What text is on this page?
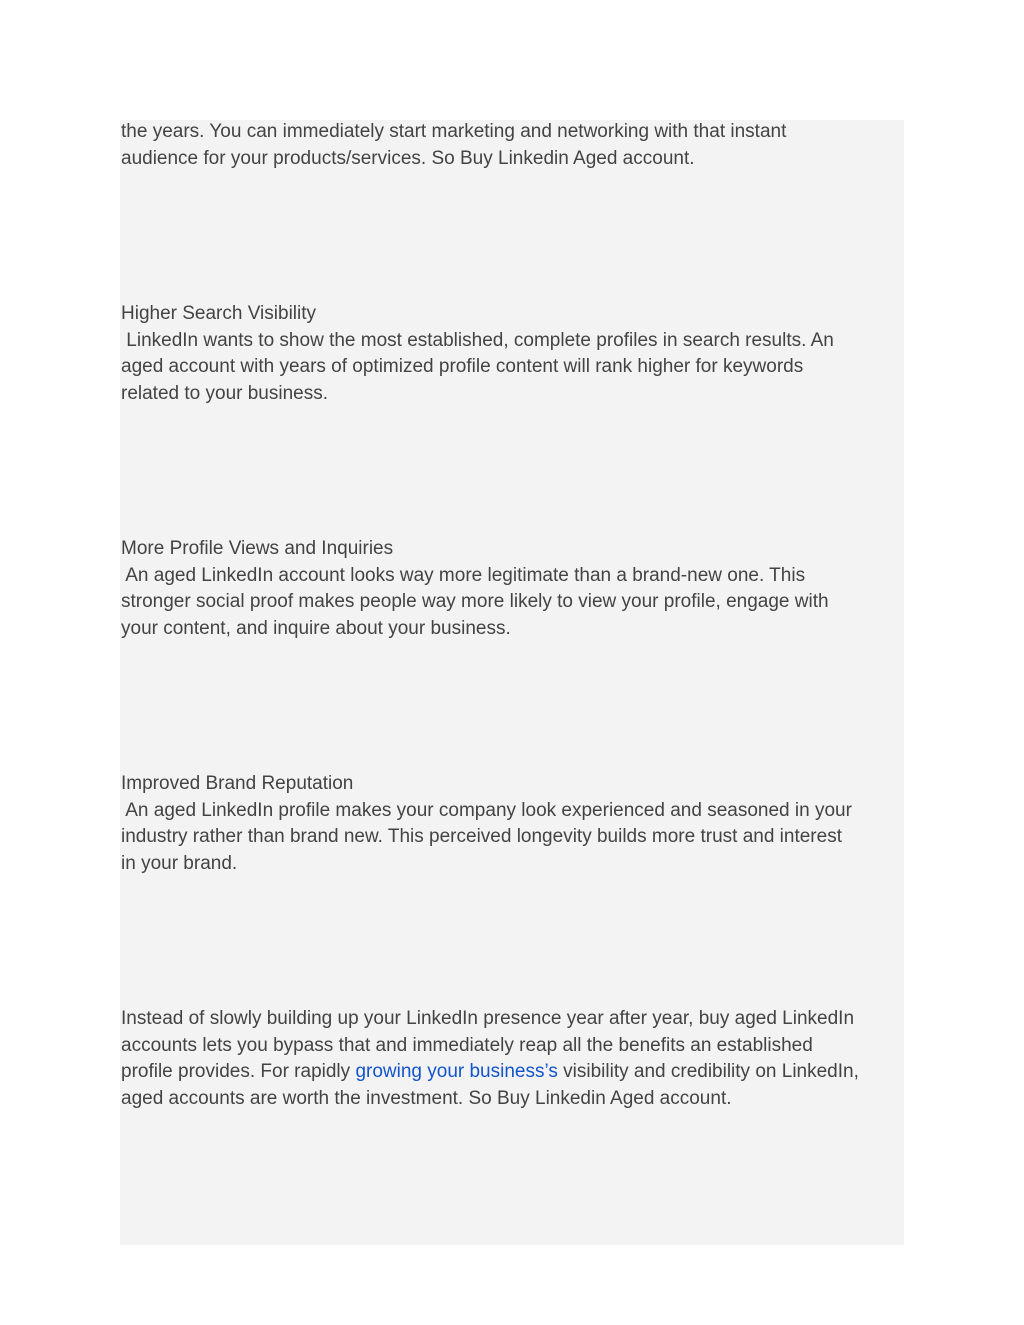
the years. You can immediately start marketing and networking with that instant
audience for your products/services. So Buy Linkedin Aged account.

Higher Search Visibility
LinkedIn wants to show the most established, complete profiles in search results. An
aged account with years of optimized profile content will rank higher for keywords
related to your business.

More Profile Views and Inquiries
An aged LinkedIn account looks way more legitimate than a brand-new one. This
stronger social proof makes people way more likely to view your profile, engage with
your content, and inquire about your business.

Improved Brand Reputation
An aged LinkedIn profile makes your company look experienced and seasoned in your
industry rather than brand new. This perceived longevity builds more trust and interest
in your brand.

Instead of slowly building up your LinkedIn presence year after year, buy aged LinkedIn
accounts lets you bypass that and immediately reap all the benefits an established
profile provides. For rapidly growing your business’s visibility and credibility on LinkedIn,
aged accounts are worth the investment. So Buy Linkedin Aged account.
